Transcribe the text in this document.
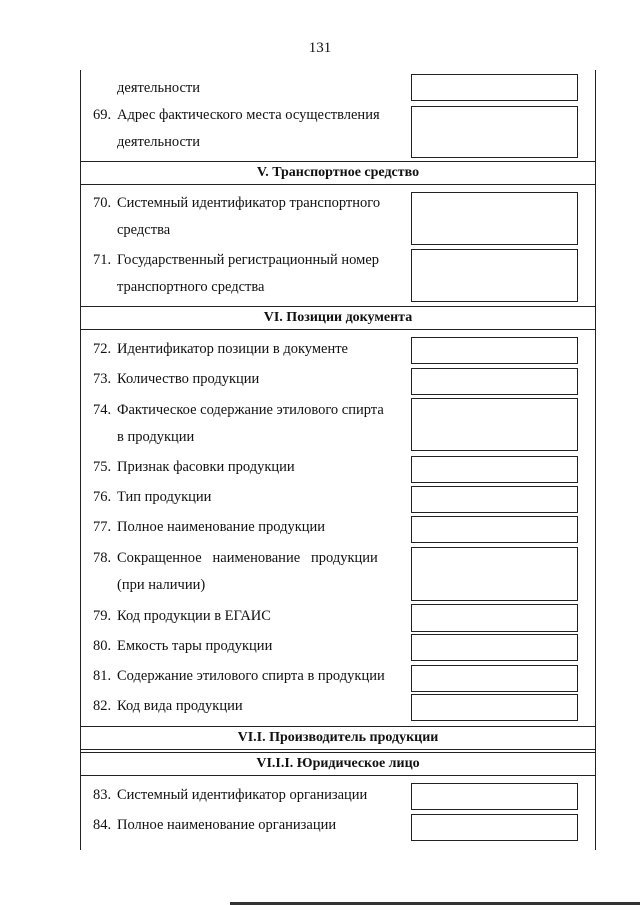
131
деятельности
69. Адрес фактического места осуществления
деятельности
V. Транспортное средство
70. Системный идентификатор транспортного
средства
71. Государственный регистрационный номер
транспортного средства
VI. Позиции документа
72. Идентификатор позиции в документе
73. Количество продукции
74. Фактическое содержание этилового спирта
в продукции
75. Признак фасовки продукции
76. Тип продукции
77. Полное наименование продукции
78. Сокращенное   наименование   продукции
(при наличии)
79. Код продукции в ЕГАИС
80. Емкость тары продукции
81. Содержание этилового спирта в продукции
82. Код вида продукции
VI.I. Производитель продукции
VI.I.I. Юридическое лицо
83. Системный идентификатор организации
84. Полное наименование организации
